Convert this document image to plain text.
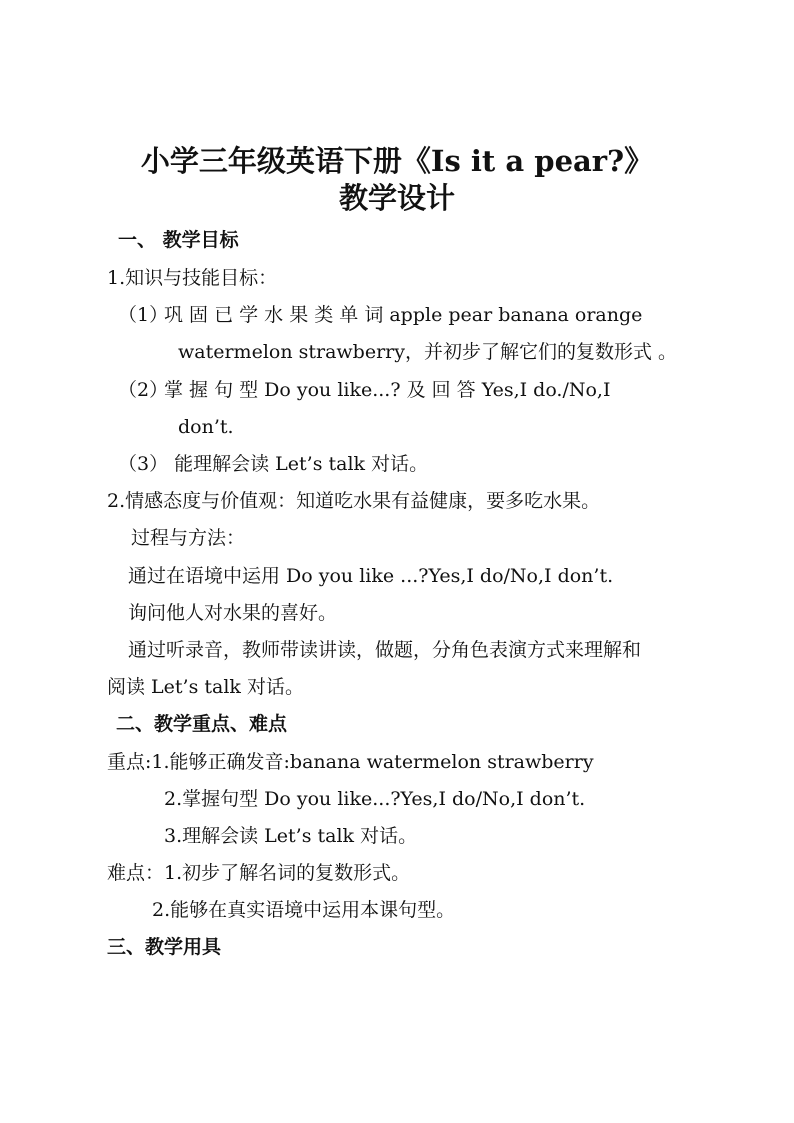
小学三年级英语下册《Is it a pear?》
教学设计
一、 教学目标
1.知识与技能目标：
（1）
巩 固 已 学 水 果 类 单 词 apple pear banana orange
watermelon strawberry，并初步了解它们的复数形式 。
（2）
掌 握 句 型 Do you like...? 及 回 答 Yes,I do./No,I
don’t.
（3） 能理解会读 Let’s talk 对话。
2.情感态度与价值观：知道吃水果有益健康，要多吃水果。
过程与方法：
通过在语境中运用 Do you like ...?Yes,I do/No,I don’t.
询问他人对水果的喜好。
通过听录音，教师带读讲读，做题，分角色表演方式来理解和
阅读 Let’s talk 对话。
二、教学重点、难点
重点:1.能够正确发音:banana watermelon strawberry
2.掌握句型 Do you like...?Yes,I do/No,I don’t.
3.理解会读 Let’s talk 对话。
难点：1.初步了解名词的复数形式。
2.能够在真实语境中运用本课句型。
三、教学用具
